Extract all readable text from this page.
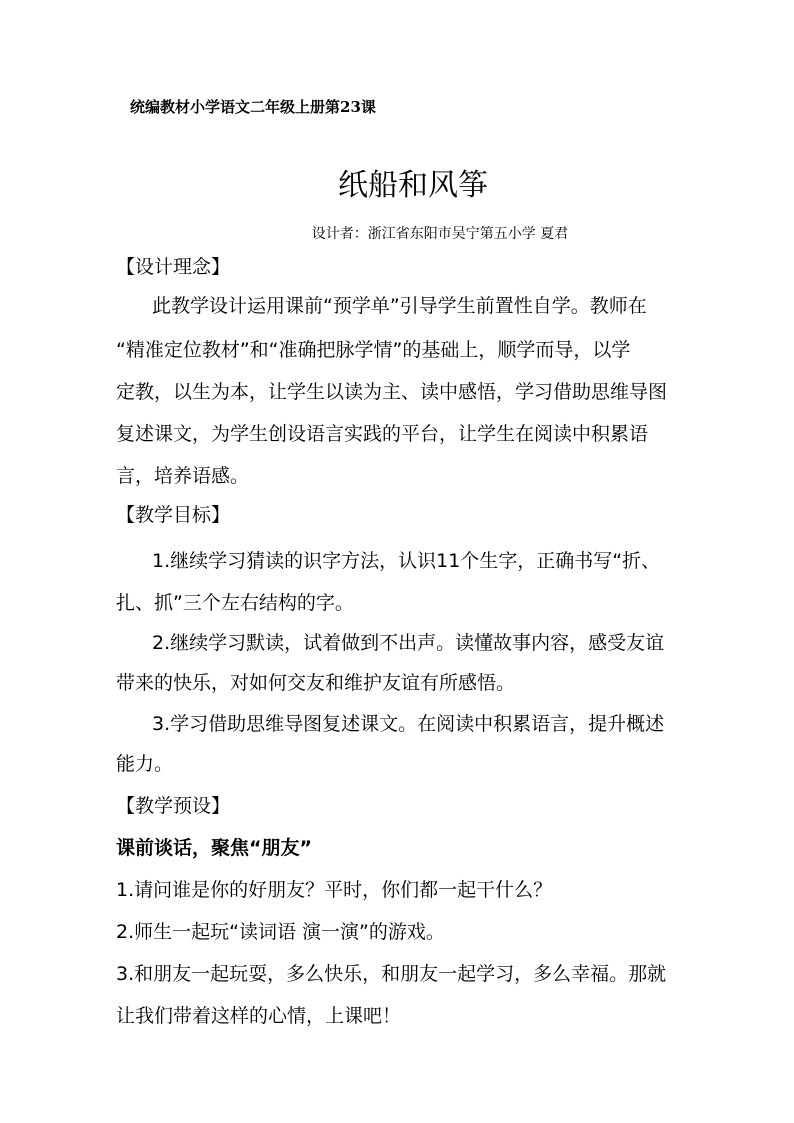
统编教材小学语文二年级上册第23课
纸船和风筝
设计者：浙江省东阳市吴宁第五小学 夏君
【设计理念】
此教学设计运用课前“预学单”引导学生前置性自学。教师在
“精准定位教材”和“准确把脉学情”的基础上，顺学而导，以学
定教，以生为本，让学生以读为主、读中感悟，学习借助思维导图
复述课文，为学生创设语言实践的平台，让学生在阅读中积累语
言，培养语感。
【教学目标】
1.继续学习猜读的识字方法，认识11个生字，正确书写“折、
扎、抓”三个左右结构的字。
2.继续学习默读，试着做到不出声。读懂故事内容，感受友谊
带来的快乐，对如何交友和维护友谊有所感悟。
3.学习借助思维导图复述课文。在阅读中积累语言，提升概述
能力。
【教学预设】
课前谈话，聚焦“朋友”
1.请问谁是你的好朋友？平时，你们都一起干什么？
2.师生一起玩“读词语 演一演”的游戏。
3.和朋友一起玩耍，多么快乐，和朋友一起学习，多么幸福。那就
让我们带着这样的心情，上课吧！
